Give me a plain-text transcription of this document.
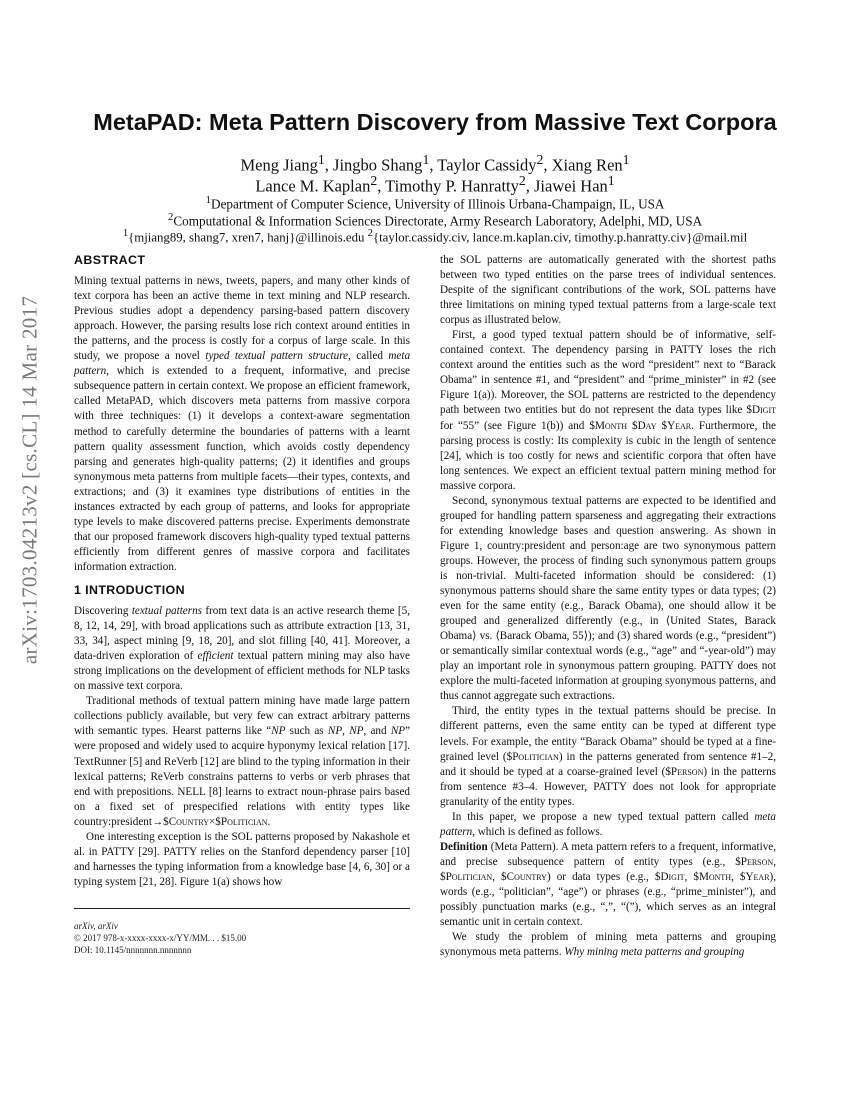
arXiv:1703.04213v2 [cs.CL] 14 Mar 2017
MetaPAD: Meta Pattern Discovery from Massive Text Corpora
Meng Jiang$^1$, Jingbo Shang$^1$, Taylor Cassidy$^2$, Xiang Ren$^1$
Lance M. Kaplan$^2$, Timothy P. Hanratty$^2$, Jiawei Han$^1$
$^1$Department of Computer Science, University of Illinois Urbana-Champaign, IL, USA
$^2$Computational & Information Sciences Directorate, Army Research Laboratory, Adelphi, MD, USA
$^1${mjiang89, shang7, xren7, hanj}@illinois.edu $^2${taylor.cassidy.civ, lance.m.kaplan.civ, timothy.p.hanratty.civ}@mail.mil
ABSTRACT

Mining textual patterns in news, tweets, papers, and many other kinds of text corpora has been an active theme in text mining and NLP research. Previous studies adopt a dependency parsing-based pattern discovery approach. However, the parsing results lose rich context around entities in the patterns, and the process is costly for a corpus of large scale. In this study, we propose a novel typed textual pattern structure, called meta pattern, which is extended to a frequent, informative, and precise subsequence pattern in certain context. We propose an efficient framework, called MetaPAD, which discovers meta patterns from massive corpora with three techniques: (1) it develops a context-aware segmentation method to carefully determine the boundaries of patterns with a learnt pattern quality assessment function, which avoids costly dependency parsing and generates high-quality patterns; (2) it identifies and groups synonymous meta patterns from multiple facets—their types, contexts, and extractions; and (3) it examines type distributions of entities in the instances extracted by each group of patterns, and looks for appropriate type levels to make discovered patterns precise. Experiments demonstrate that our proposed framework discovers high-quality typed textual patterns efficiently from different genres of massive corpora and facilitates information extraction.

1 INTRODUCTION

Discovering textual patterns from text data is an active research theme [5, 8, 12, 14, 29], with broad applications such as attribute extraction [13, 31, 33, 34], aspect mining [9, 18, 20], and slot filling [40, 41]. Moreover, a data-driven exploration of efficient textual pattern mining may also have strong implications on the development of efficient methods for NLP tasks on massive text corpora.

Traditional methods of textual pattern mining have made large pattern collections publicly available, but very few can extract arbitrary patterns with semantic types. Hearst patterns like “NP such as NP, NP, and NP” were proposed and widely used to acquire hyponymy lexical relation [17]. TextRunner [5] and ReVerb [12] are blind to the typing information in their lexical patterns; ReVerb constrains patterns to verbs or verb phrases that end with prepositions. NELL [8] learns to extract noun-phrase pairs based on a fixed set of prespecified relations with entity types like country:president→$Country×$Politician.

One interesting exception is the SOL patterns proposed by Nakashole et al. in PATTY [29]. PATTY relies on the Stanford dependency parser [10] and harnesses the typing information from a knowledge base [4, 6, 30] or a typing system [21, 28]. Figure 1(a) shows how

arXiv, arXiv
© 2017 978-x-xxxx-xxxx-x/YY/MM. . . $15.00
DOI: 10.1145/nnnnnnn.nnnnnnn

the SOL patterns are automatically generated with the shortest paths between two typed entities on the parse trees of individual sentences. Despite of the significant contributions of the work, SOL patterns have three limitations on mining typed textual patterns from a large-scale text corpus as illustrated below.

First, a good typed textual pattern should be of informative, self-contained context. The dependency parsing in PATTY loses the rich context around the entities such as the word “president” next to “Barack Obama” in sentence #1, and “president” and “prime_minister” in #2 (see Figure 1(a)). Moreover, the SOL patterns are restricted to the dependency path between two entities but do not represent the data types like $Digit for “55” (see Figure 1(b)) and $Month $Day $Year. Furthermore, the parsing process is costly: Its complexity is cubic in the length of sentence [24], which is too costly for news and scientific corpora that often have long sentences. We expect an efficient textual pattern mining method for massive corpora.

Second, synonymous textual patterns are expected to be identified and grouped for handling pattern sparseness and aggregating their extractions for extending knowledge bases and question answering. As shown in Figure 1, country:president and person:age are two synonymous pattern groups. However, the process of finding such synonymous pattern groups is non-trivial. Multi-faceted information should be considered: (1) synonymous patterns should share the same entity types or data types; (2) even for the same entity (e.g., Barack Obama), one should allow it be grouped and generalized differently (e.g., in ⟨United States, Barack Obama⟩ vs. ⟨Barack Obama, 55⟩); and (3) shared words (e.g., “president”) or semantically similar contextual words (e.g., “age” and “-year-old”) may play an important role in synonymous pattern grouping. PATTY does not explore the multi-faceted information at grouping syonymous patterns, and thus cannot aggregate such extractions.

Third, the entity types in the textual patterns should be precise. In different patterns, even the same entity can be typed at different type levels. For example, the entity “Barack Obama” should be typed at a fine-grained level ($Politician) in the patterns generated from sentence #1–2, and it should be typed at a coarse-grained level ($Person) in the patterns from sentence #3–4. However, PATTY does not look for appropriate granularity of the entity types.

In this paper, we propose a new typed textual pattern called meta pattern, which is defined as follows.

Definition (Meta Pattern). A meta pattern refers to a frequent, informative, and precise subsequence pattern of entity types (e.g., $Person, $Politician, $Country) or data types (e.g., $Digit, $Month, $Year), words (e.g., “politician”, “age”) or phrases (e.g., “prime_minister”), and possibly punctuation marks (e.g., “,”, “(”), which serves as an integral semantic unit in certain context.

We study the problem of mining meta patterns and grouping synonymous meta patterns. Why mining meta patterns and grouping
